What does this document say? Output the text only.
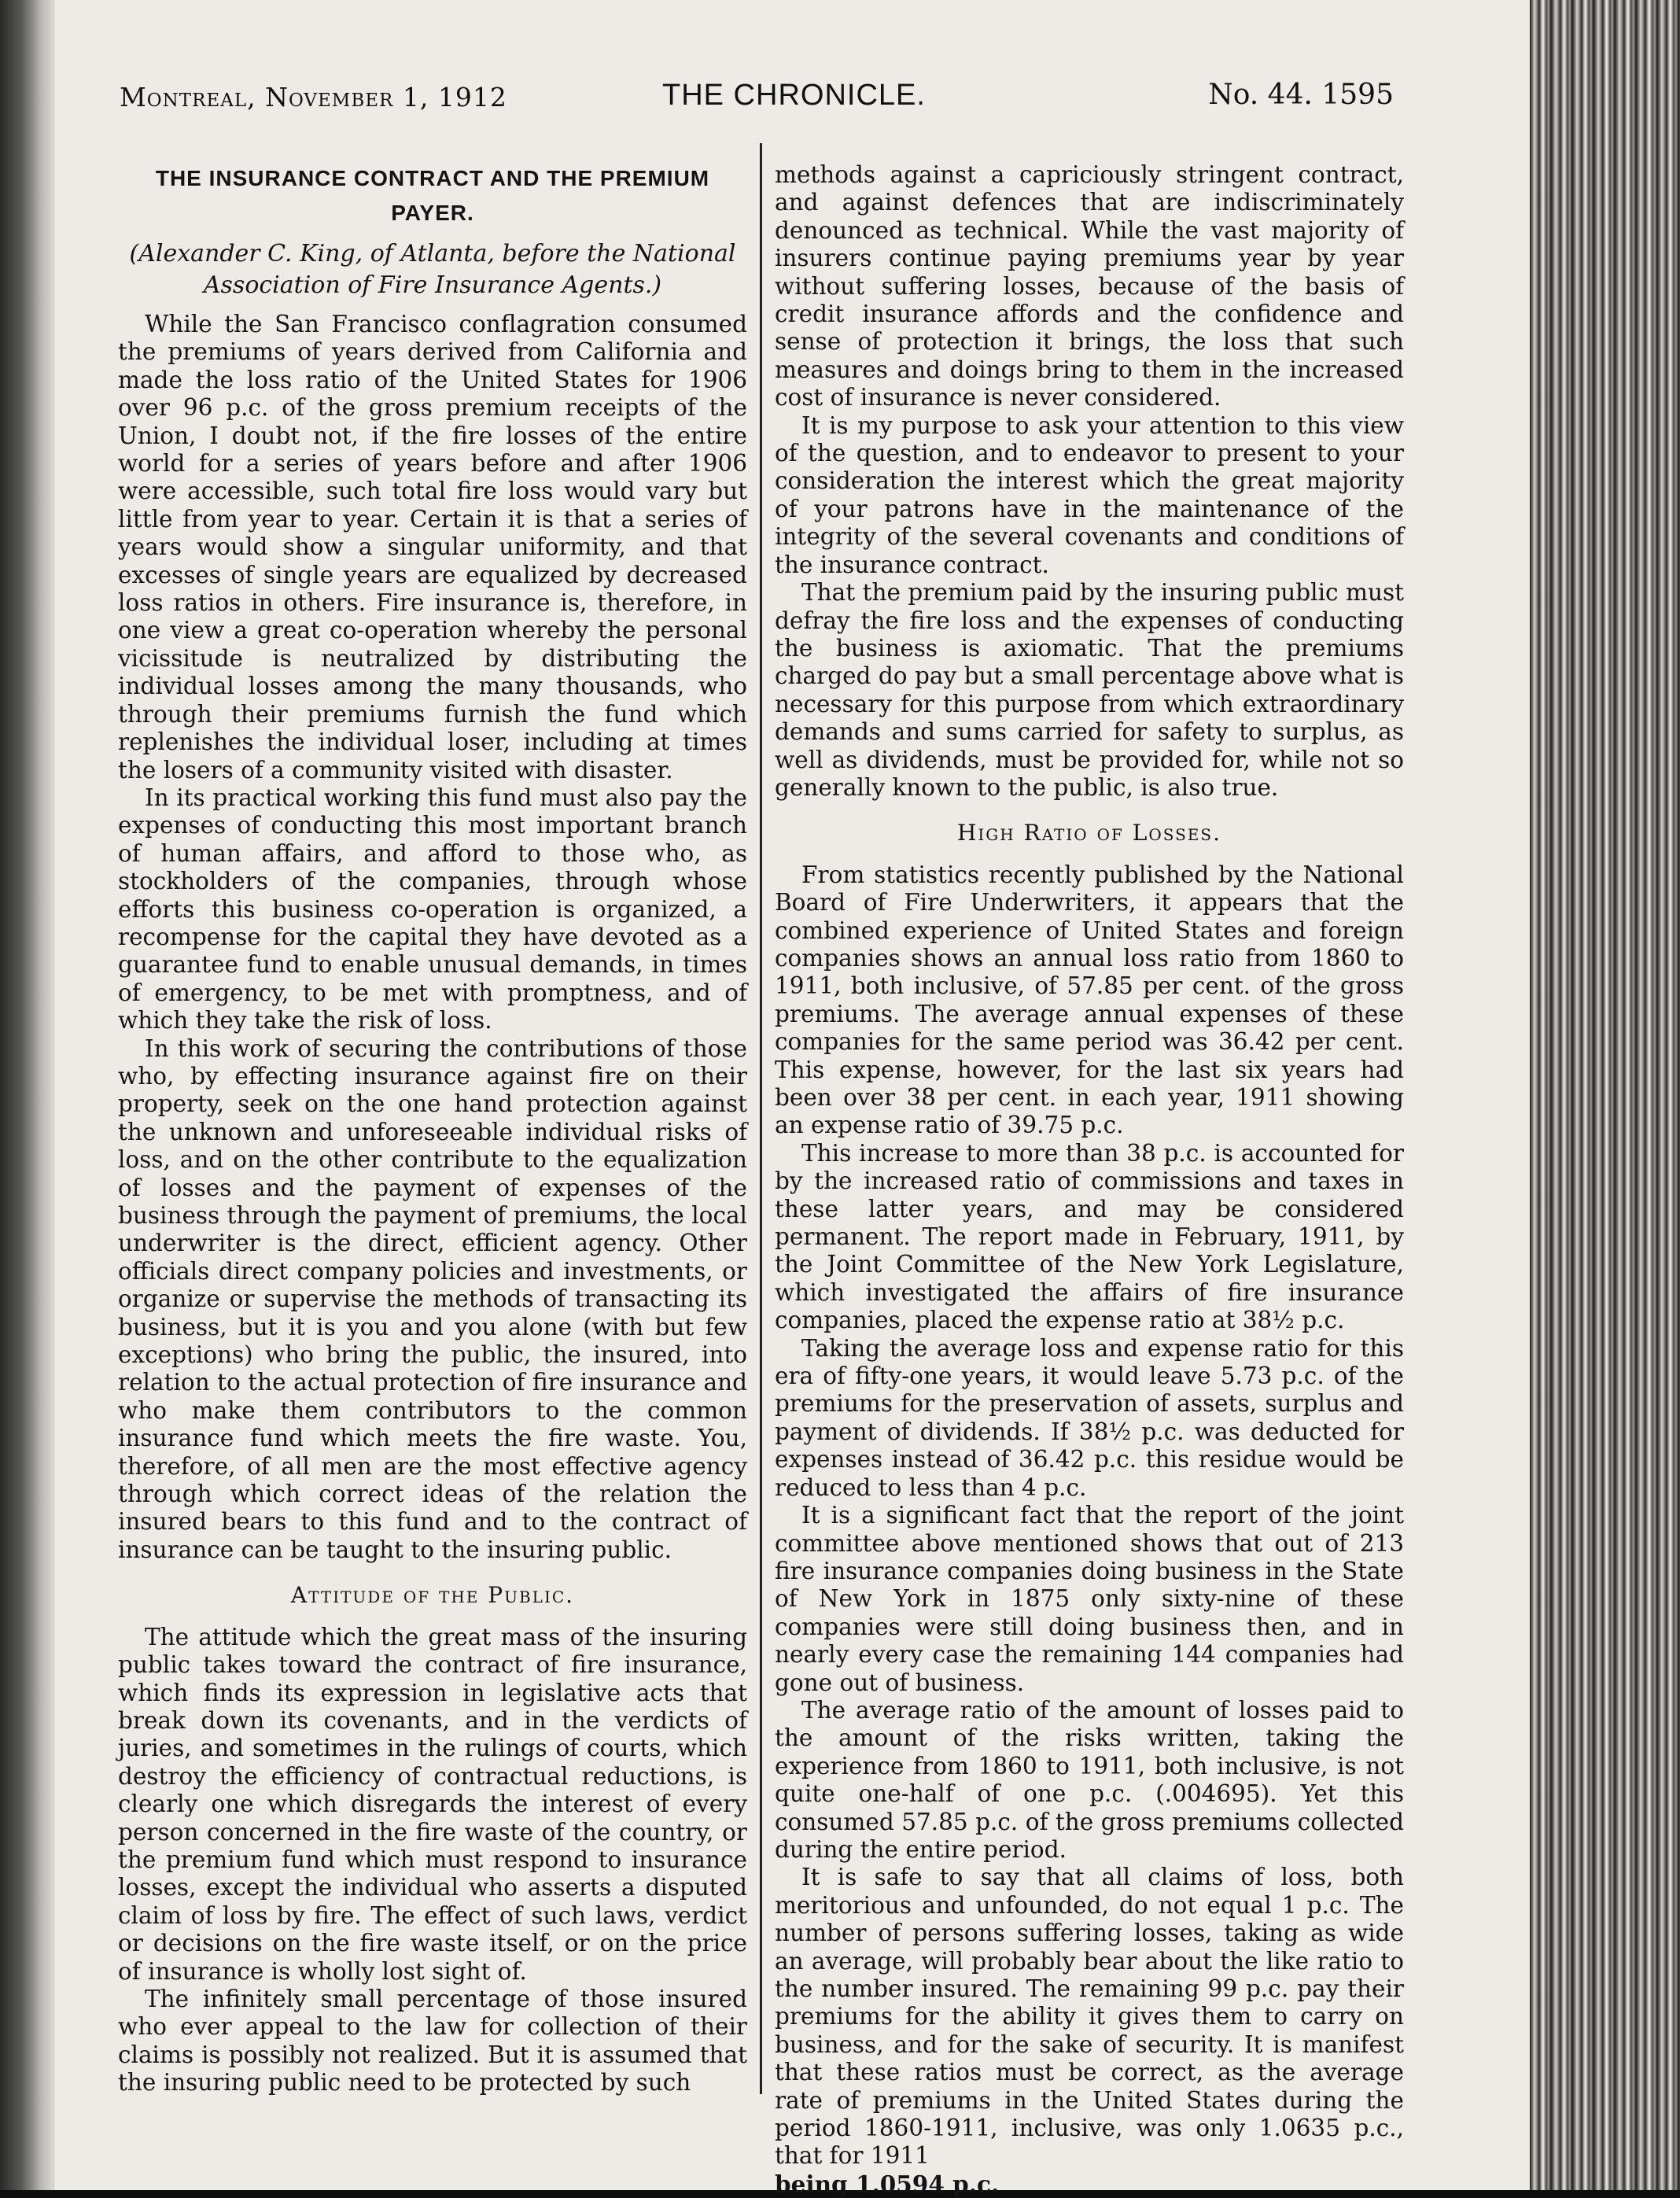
Montreal, November 1, 1912	THE CHRONICLE.	No. 44. 1595
THE INSURANCE CONTRACT AND THE PREMIUM PAYER.
(Alexander C. King, of Atlanta, before the National Association of Fire Insurance Agents.)

While the San Francisco conflagration consumed the premiums of years derived from California and made the loss ratio of the United States for 1906 over 96 p.c. of the gross premium receipts of the Union, I doubt not, if the fire losses of the entire world for a series of years before and after 1906 were accessible, such total fire loss would vary but little from year to year. Certain it is that a series of years would show a singular uniformity, and that excesses of single years are equalized by decreased loss ratios in others. Fire insurance is, therefore, in one view a great co-operation whereby the personal vicissitude is neutralized by distributing the individual losses among the many thousands, who through their premiums furnish the fund which replenishes the individual loser, including at times the losers of a community visited with disaster.

In its practical working this fund must also pay the expenses of conducting this most important branch of human affairs, and afford to those who, as stockholders of the companies, through whose efforts this business co-operation is organized, a recompense for the capital they have devoted as a guarantee fund to enable unusual demands, in times of emergency, to be met with promptness, and of which they take the risk of loss.

In this work of securing the contributions of those who, by effecting insurance against fire on their property, seek on the one hand protection against the unknown and unforeseeable individual risks of loss, and on the other contribute to the equalization of losses and the payment of expenses of the business through the payment of premiums, the local underwriter is the direct, efficient agency. Other officials direct company policies and investments, or organize or supervise the methods of transacting its business, but it is you and you alone (with but few exceptions) who bring the public, the insured, into relation to the actual protection of fire insurance and who make them contributors to the common insurance fund which meets the fire waste. You, therefore, of all men are the most effective agency through which correct ideas of the relation the insured bears to this fund and to the contract of insurance can be taught to the insuring public.

Attitude of the Public.

The attitude which the great mass of the insuring public takes toward the contract of fire insurance, which finds its expression in legislative acts that break down its covenants, and in the verdicts of juries, and sometimes in the rulings of courts, which destroy the efficiency of contractual reductions, is clearly one which disregards the interest of every person concerned in the fire waste of the country, or the premium fund which must respond to insurance losses, except the individual who asserts a disputed claim of loss by fire. The effect of such laws, verdict or decisions on the fire waste itself, or on the price of insurance is wholly lost sight of.

The infinitely small percentage of those insured who ever appeal to the law for collection of their claims is possibly not realized. But it is assumed that the insuring public need to be protected by such

methods against a capriciously stringent contract, and against defences that are indiscriminately denounced as technical. While the vast majority of insurers continue paying premiums year by year without suffering losses, because of the basis of credit insurance affords and the confidence and sense of protection it brings, the loss that such measures and doings bring to them in the increased cost of insurance is never considered.

It is my purpose to ask your attention to this view of the question, and to endeavor to present to your consideration the interest which the great majority of your patrons have in the maintenance of the integrity of the several covenants and conditions of the insurance contract.

That the premium paid by the insuring public must defray the fire loss and the expenses of conducting the business is axiomatic. That the premiums charged do pay but a small percentage above what is necessary for this purpose from which extraordinary demands and sums carried for safety to surplus, as well as dividends, must be provided for, while not so generally known to the public, is also true.

High Ratio of Losses.

From statistics recently published by the National Board of Fire Underwriters, it appears that the combined experience of United States and foreign companies shows an annual loss ratio from 1860 to 1911, both inclusive, of 57.85 per cent. of the gross premiums. The average annual expenses of these companies for the same period was 36.42 per cent. This expense, however, for the last six years had been over 38 per cent. in each year, 1911 showing an expense ratio of 39.75 p.c.

This increase to more than 38 p.c. is accounted for by the increased ratio of commissions and taxes in these latter years, and may be considered permanent. The report made in February, 1911, by the Joint Committee of the New York Legislature, which investigated the affairs of fire insurance companies, placed the expense ratio at 38½ p.c.

Taking the average loss and expense ratio for this era of fifty-one years, it would leave 5.73 p.c. of the premiums for the preservation of assets, surplus and payment of dividends. If 38½ p.c. was deducted for expenses instead of 36.42 p.c. this residue would be reduced to less than 4 p.c.

It is a significant fact that the report of the joint committee above mentioned shows that out of 213 fire insurance companies doing business in the State of New York in 1875 only sixty-nine of these companies were still doing business then, and in nearly every case the remaining 144 companies had gone out of business.

The average ratio of the amount of losses paid to the amount of the risks written, taking the experience from 1860 to 1911, both inclusive, is not quite one-half of one p.c. (.004695). Yet this consumed 57.85 p.c. of the gross premiums collected during the entire period.

It is safe to say that all claims of loss, both meritorious and unfounded, do not equal 1 p.c. The number of persons suffering losses, taking as wide an average, will probably bear about the like ratio to the number insured. The remaining 99 p.c. pay their premiums for the ability it gives them to carry on business, and for the sake of security. It is manifest that these ratios must be correct, as the average rate of premiums in the United States during the period 1860-1911, inclusive, was only 1.0635 p.c., that for 1911

being 1.0594 p.c.
